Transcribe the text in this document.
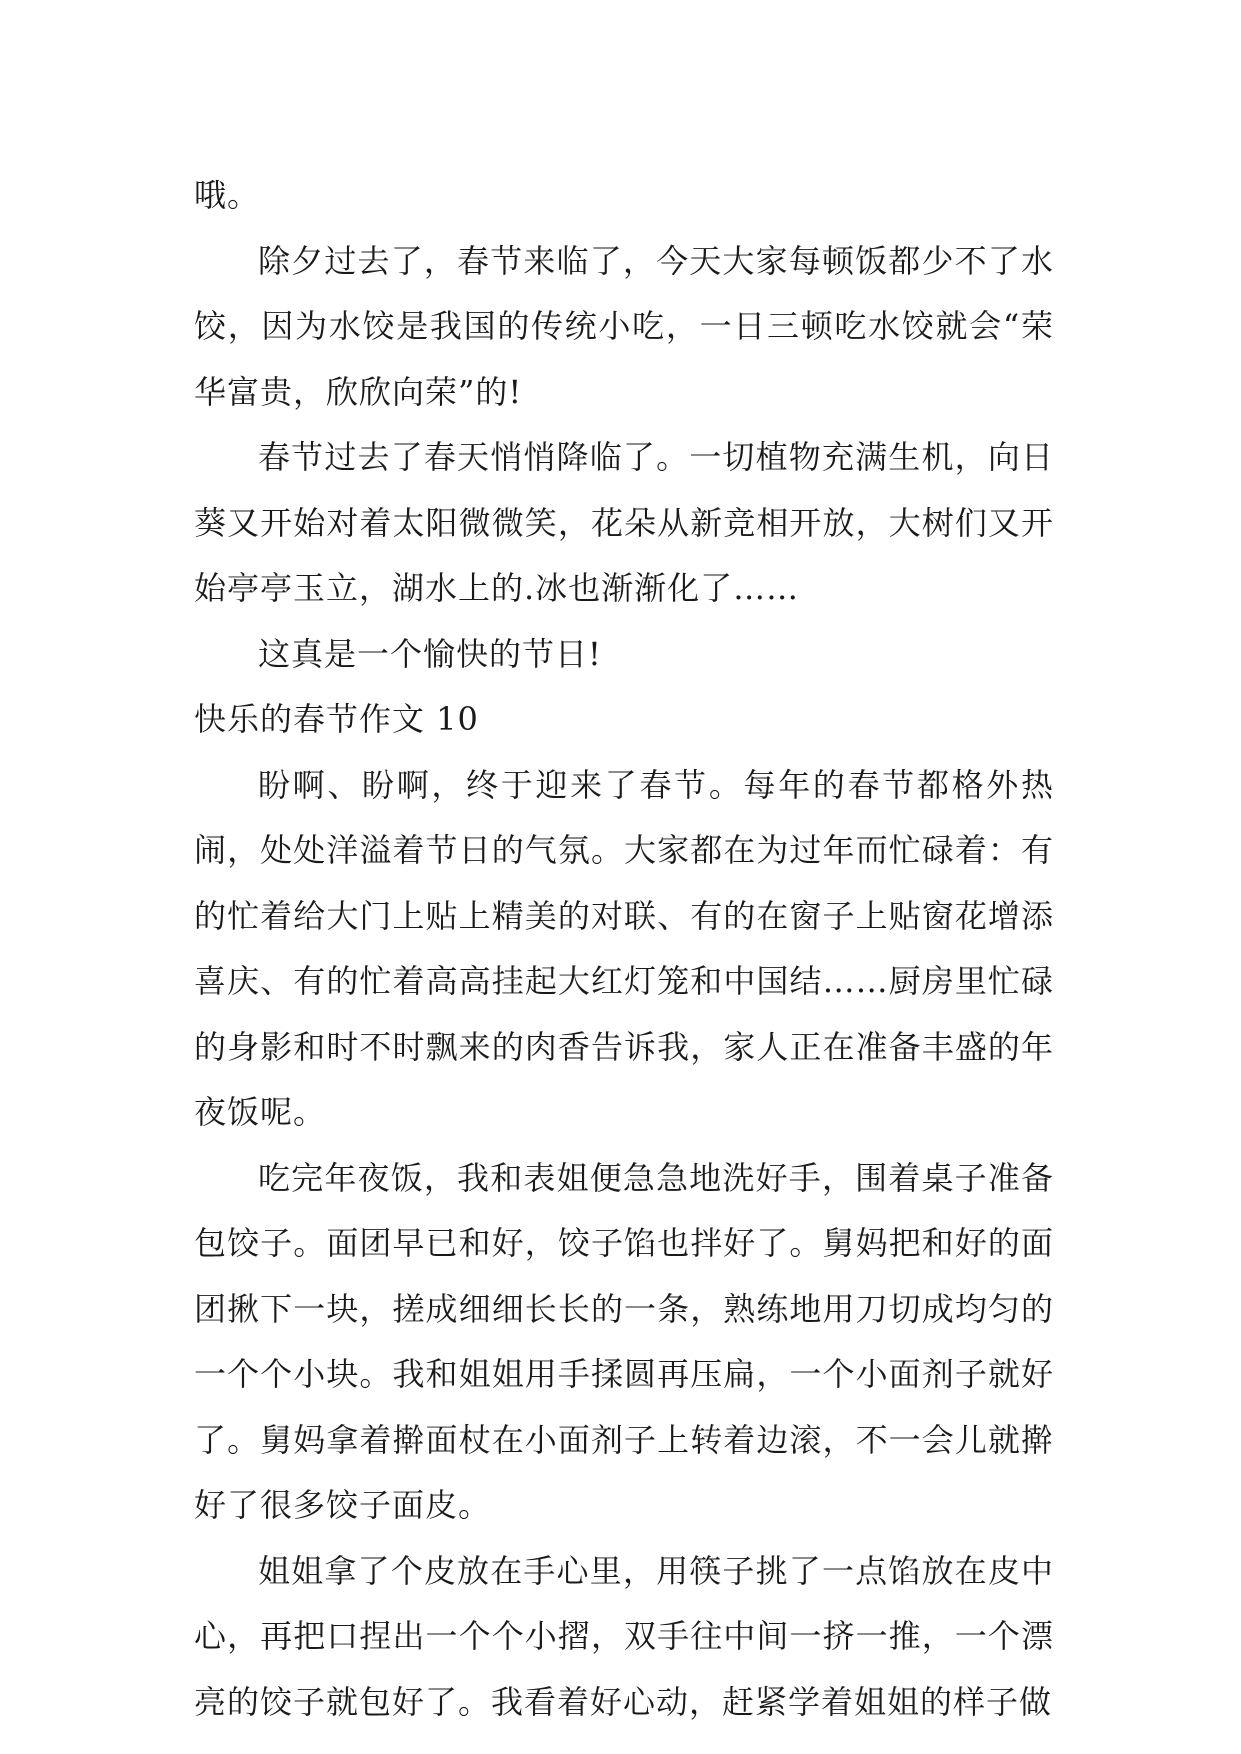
哦。

除夕过去了，春节来临了，今天大家每顿饭都少不了水饺，因为水饺是我国的传统小吃，一日三顿吃水饺就会“荣华富贵，欣欣向荣”的!

春节过去了春天悄悄降临了。一切植物充满生机，向日葵又开始对着太阳微微笑，花朵从新竞相开放，大树们又开始亭亭玉立，湖水上的.冰也渐渐化了……

这真是一个愉快的节日!

快乐的春节作文 10

盼啊、盼啊，终于迎来了春节。每年的春节都格外热闹，处处洋溢着节日的气氛。大家都在为过年而忙碌着：有的忙着给大门上贴上精美的对联、有的在窗子上贴窗花增添喜庆、有的忙着高高挂起大红灯笼和中国结……厨房里忙碌的身影和时不时飘来的肉香告诉我，家人正在准备丰盛的年夜饭呢。

吃完年夜饭，我和表姐便急急地洗好手，围着桌子准备包饺子。面团早已和好，饺子馅也拌好了。舅妈把和好的面团揪下一块，搓成细细长长的一条，熟练地用刀切成均匀的一个个小块。我和姐姐用手揉圆再压扁，一个小面剂子就好了。舅妈拿着擀面杖在小面剂子上转着边滚，不一会儿就擀好了很多饺子面皮。

姐姐拿了个皮放在手心里，用筷子挑了一点馅放在皮中心，再把口捏出一个个小摺，双手往中间一挤一推，一个漂亮的饺子就包好了。我看着好心动，赶紧学着姐姐的样子做
